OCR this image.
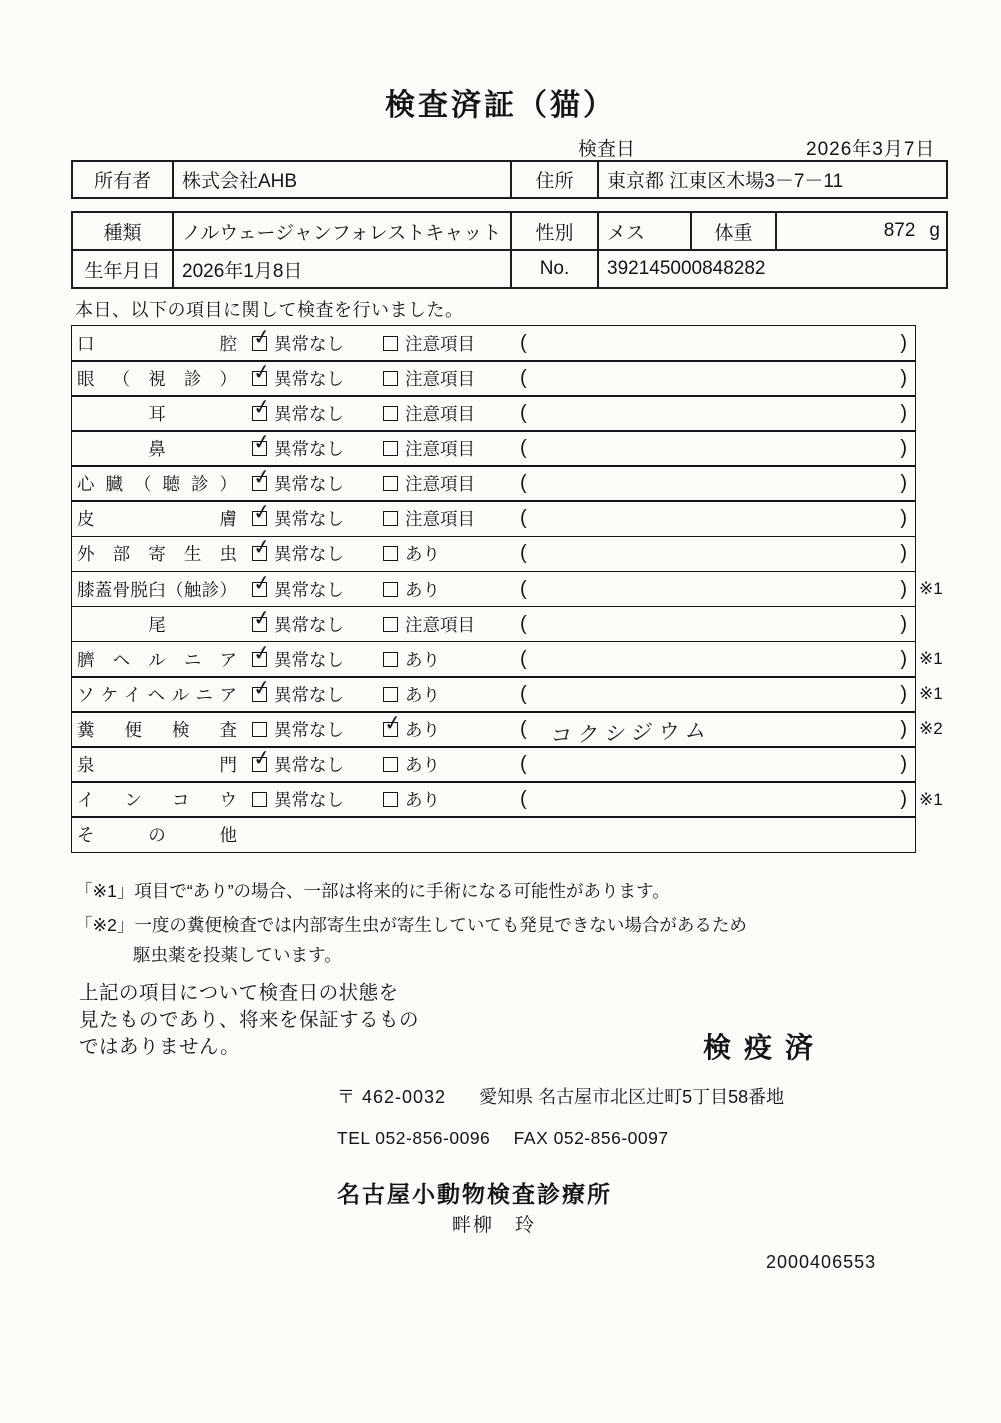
検査済証（猫）
検査日	2026年3月7日
所有者	株式会社AHB	住所	東京都 江東区木場3－7－11
種類	ノルウェージャンフォレストキャット	性別	メス	体重	872 g

生年月日	2026年1月8日	No.	392145000848282		
本日、以下の項目に関して検査を行いました。
口腔 ✓ 異常なし	注意項目 (	)
眼（視診） ✓ 異常なし	注意項目 (	)
耳	✓ 異常なし	注意項目 (	)
鼻	✓ 異常なし	注意項目 (	)
心臓（聴診） ✓ 異常なし	注意項目 (	)
皮膚 ✓ 異常なし	注意項目 (	)
外部寄生虫 ✓ 異常なし	あり	(	)
膝蓋骨脱臼（触診） ✓ 異常なし	あり	(	) ※1
尾	✓ 異常なし	注意項目 (	)
臍ヘルニア ✓ 異常なし	あり	(	) ※1
ソケイヘルニア ✓ 異常なし	あり	(	) ※1
糞便検査 異常なし ✓ あり	(	コクシジウム	) ※2
泉門 ✓ 異常なし	あり	(	)
インコウ 異常なし	あり	(	) ※1
その他
「※1」項目で“あり”の場合、一部は将来的に手術になる可能性があります。
「※2」一度の糞便検査では内部寄生虫が寄生していても発見できない場合があるため
駆虫薬を投薬しています。
上記の項目について検査日の状態を
見たものであり、将来を保証するもの
ではありません。	検疫済
〒 462-0032 愛知県 名古屋市北区辻町5丁目58番地
TEL 052-856-0096 FAX 052-856-0097
名古屋小動物検査診療所
畔柳　玲
2000406553
